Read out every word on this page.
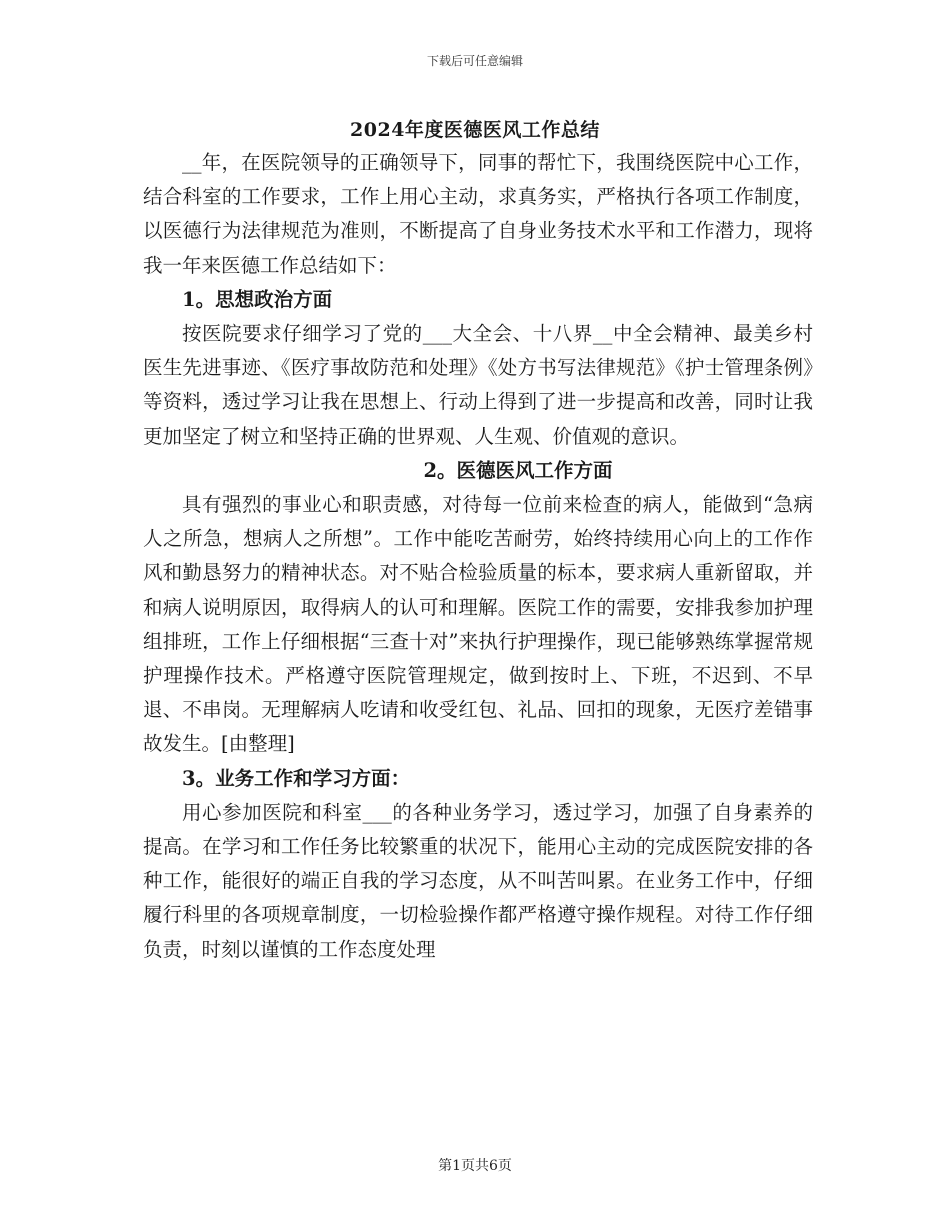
下载后可任意编辑
2024年度医德医风工作总结

__年，在医院领导的正确领导下，同事的帮忙下，我围绕医院中心工作，结合科室的工作要求，工作上用心主动，求真务实，严格执行各项工作制度，以医德行为法律规范为准则，不断提高了自身业务技术水平和工作潜力，现将我一年来医德工作总结如下：

1。思想政治方面

按医院要求仔细学习了党的___大全会、十八界__中全会精神、最美乡村医生先进事迹、《医疗事故防范和处理》《处方书写法律规范》《护士管理条例》等资料，透过学习让我在思想上、行动上得到了进一步提高和改善，同时让我更加坚定了树立和坚持正确的世界观、人生观、价值观的意识。

2。医德医风工作方面

具有强烈的事业心和职责感，对待每一位前来检查的病人，能做到“急病人之所急，想病人之所想”。工作中能吃苦耐劳，始终持续用心向上的工作作风和勤恳努力的精神状态。对不贴合检验质量的标本，要求病人重新留取，并和病人说明原因，取得病人的认可和理解。医院工作的需要，安排我参加护理组排班，工作上仔细根据“三查十对”来执行护理操作，现已能够熟练掌握常规护理操作技术。严格遵守医院管理规定，做到按时上、下班，不迟到、不早退、不串岗。无理解病人吃请和收受红包、礼品、回扣的现象，无医疗差错事故发生。[由整理]

3。业务工作和学习方面：

用心参加医院和科室___的各种业务学习，透过学习，加强了自身素养的提高。在学习和工作任务比较繁重的状况下，能用心主动的完成医院安排的各种工作，能很好的端正自我的学习态度，从不叫苦叫累。在业务工作中，仔细履行科里的各项规章制度，一切检验操作都严格遵守操作规程。对待工作仔细负责，时刻以谨慎的工作态度处理

第1页共6页
